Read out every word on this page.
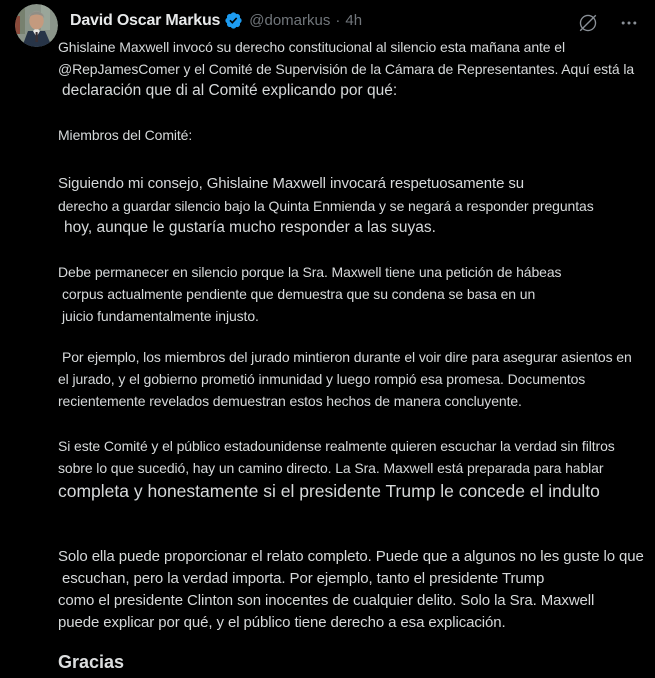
David Oscar Markus @domarkus · 4h
Ghislaine Maxwell invocó su derecho constitucional al silencio esta mañana ante el
@RepJamesComer y el Comité de Supervisión de la Cámara de Representantes. Aquí está la
declaración que di al Comité explicando por qué:
Miembros del Comité:
Siguiendo mi consejo, Ghislaine Maxwell invocará respetuosamente su
derecho a guardar silencio bajo la Quinta Enmienda y se negará a responder preguntas
hoy, aunque le gustaría mucho responder a las suyas.
Debe permanecer en silencio porque la Sra. Maxwell tiene una petición de hábeas
corpus actualmente pendiente que demuestra que su condena se basa en un
juicio fundamentalmente injusto.
Por ejemplo, los miembros del jurado mintieron durante el voir dire para asegurar asientos en
el jurado, y el gobierno prometió inmunidad y luego rompió esa promesa. Documentos
recientemente revelados demuestran estos hechos de manera concluyente.
Si este Comité y el público estadounidense realmente quieren escuchar la verdad sin filtros
sobre lo que sucedió, hay un camino directo. La Sra. Maxwell está preparada para hablar
completa y honestamente si el presidente Trump le concede el indulto
Solo ella puede proporcionar el relato completo. Puede que a algunos no les guste lo que
escuchan, pero la verdad importa. Por ejemplo, tanto el presidente Trump
como el presidente Clinton son inocentes de cualquier delito. Solo la Sra. Maxwell
puede explicar por qué, y el público tiene derecho a esa explicación.
Gracias
